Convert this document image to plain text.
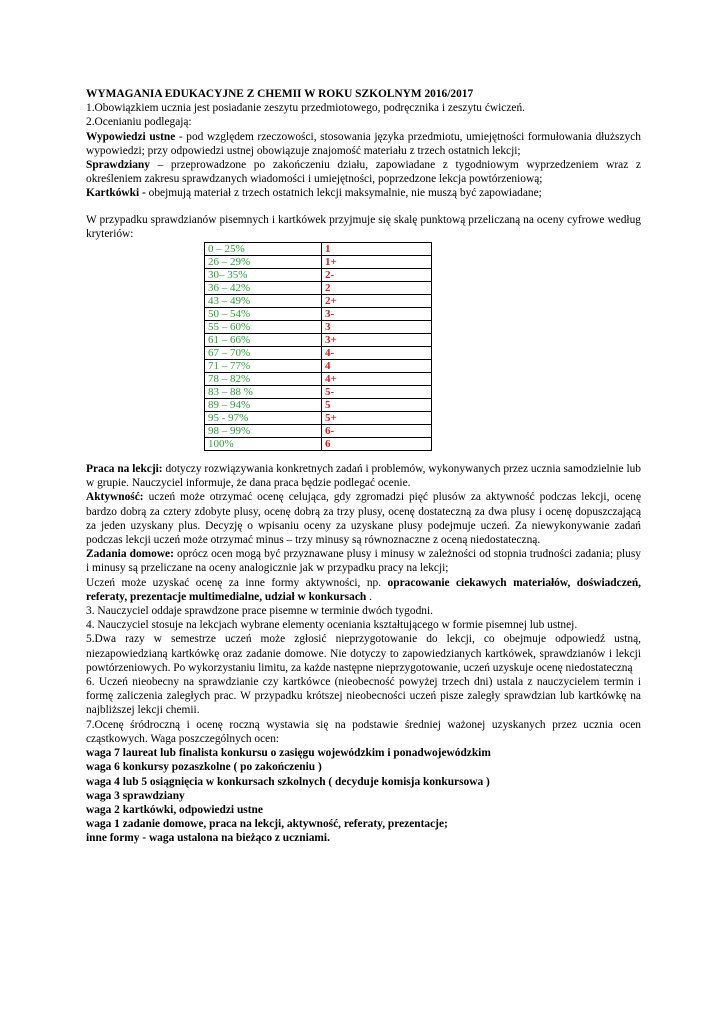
WYMAGANIA EDUKACYJNE Z CHEMII W ROKU SZKOLNYM 2016/2017

1.Obowiązkiem ucznia jest posiadanie zeszytu przedmiotowego, podręcznika i zeszytu ćwiczeń.

2.Ocenianiu podlegają:

Wypowiedzi ustne - pod względem rzeczowości, stosowania języka przedmiotu, umiejętności formułowania dłuższych wypowiedzi; przy odpowiedzi ustnej obowiązuje znajomość materiału z trzech ostatnich lekcji;

Sprawdziany – przeprowadzone po zakończeniu działu, zapowiadane z tygodniowym wyprzedzeniem wraz z określeniem zakresu sprawdzanych wiadomości i umiejętności, poprzedzone lekcja powtórzeniową;

Kartkówki - obejmują materiał z trzech ostatnich lekcji maksymalnie, nie muszą być zapowiadane;

W przypadku sprawdzianów pisemnych i kartkówek przyjmuje się skalę punktową przeliczaną na oceny cyfrowe według kryteriów:

0 – 25%	1
26 – 29%	1+
30– 35%	2-
36 – 42%	2
43 – 49%	2+
50 – 54%	3-
55 – 60%	3
61 – 66%	3+
67 – 70%	4-
71 – 77%	4
78 – 82%	4+
83 – 88 %	5-
89 – 94%	5
95 - 97%	5+
98 – 99%	6-
100%	6

Praca na lekcji: dotyczy rozwiązywania konkretnych zadań i problemów, wykonywanych przez ucznia samodzielnie lub w grupie. Nauczyciel informuje, że dana praca będzie podlegać ocenie.

Aktywność: uczeń może otrzymać ocenę celująca, gdy zgromadzi pięć plusów za aktywność podczas lekcji, ocenę bardzo dobrą za cztery zdobyte plusy, ocenę dobrą za trzy plusy, ocenę dostateczną za dwa plusy i ocenę dopuszczającą za jeden uzyskany plus. Decyzję o wpisaniu oceny za uzyskane plusy podejmuje uczeń. Za niewykonywanie zadań podczas lekcji uczeń może otrzymać minus – trzy minusy są równoznaczne z oceną niedostateczną.

Zadania domowe: oprócz ocen mogą być przyznawane plusy i minusy w zależności od stopnia trudności zadania; plusy i minusy są przeliczane na oceny analogicznie jak w przypadku pracy na lekcji;

Uczeń może uzyskać ocenę za inne formy aktywności, np. opracowanie ciekawych materiałów, doświadczeń, referaty, prezentacje multimedialne, udział w konkursach .

3. Nauczyciel oddaje sprawdzone prace pisemne w terminie dwóch tygodni.

4. Nauczyciel stosuje na lekcjach wybrane elementy oceniania kształtującego w formie pisemnej lub ustnej.

5.Dwa razy w semestrze uczeń może zgłosić nieprzygotowanie do lekcji, co obejmuje odpowiedź ustną, niezapowiedzianą kartkówkę oraz zadanie domowe. Nie dotyczy to zapowiedzianych kartkówek, sprawdzianów i lekcji powtórzeniowych. Po wykorzystaniu limitu, za każde następne nieprzygotowanie, uczeń uzyskuje ocenę niedostateczną

6. Uczeń nieobecny na sprawdzianie czy kartkówce (nieobecność powyżej trzech dni) ustala z nauczycielem termin i formę zaliczenia zaległych prac. W przypadku krótszej nieobecności uczeń pisze zaległy sprawdzian lub kartkówkę na najbliższej lekcji chemii.

7.Ocenę śródroczną i ocenę roczną wystawia się na podstawie średniej ważonej uzyskanych przez ucznia ocen cząstkowych. Waga poszczególnych ocen:

waga 7 laureat lub finalista konkursu o zasięgu wojewódzkim i ponadwojewódzkim

waga 6 konkursy pozaszkolne ( po zakończeniu )

waga 4 lub 5 osiągnięcia w konkursach szkolnych ( decyduje komisja konkursowa )

waga 3 sprawdziany

waga 2 kartkówki, odpowiedzi ustne

waga 1 zadanie domowe, praca na lekcji, aktywność, referaty, prezentacje;

inne formy - waga ustalona na bieżąco z uczniami.
